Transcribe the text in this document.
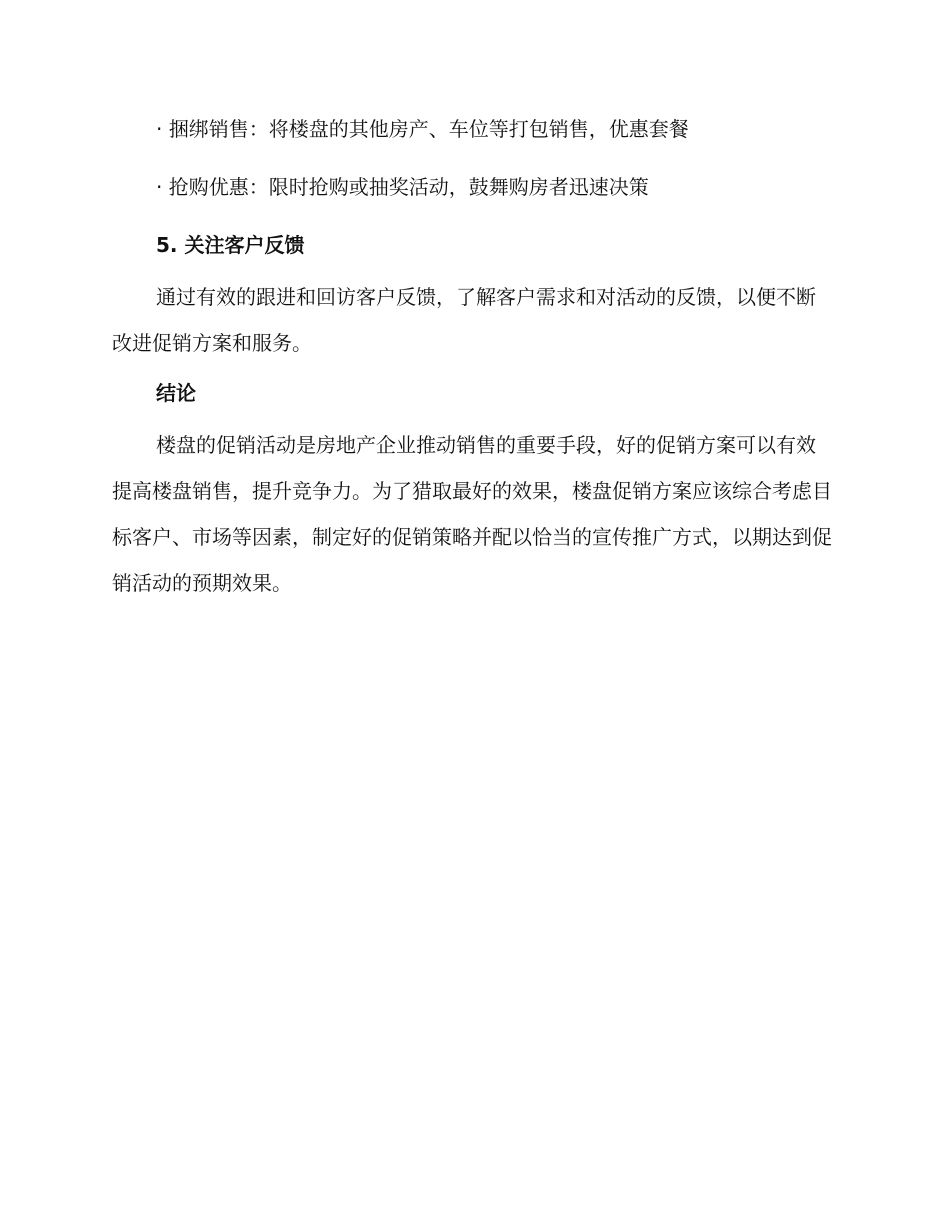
· 捆绑销售：将楼盘的其他房产、车位等打包销售，优惠套餐
· 抢购优惠：限时抢购或抽奖活动，鼓舞购房者迅速决策
5. 关注客户反馈

通过有效的跟进和回访客户反馈，了解客户需求和对活动的反馈，以便不断改进促销方案和服务。

结论

楼盘的促销活动是房地产企业推动销售的重要手段，好的促销方案可以有效提高楼盘销售，提升竞争力。为了猎取最好的效果，楼盘促销方案应该综合考虑目标客户、市场等因素，制定好的促销策略并配以恰当的宣传推广方式，以期达到促销活动的预期效果。
